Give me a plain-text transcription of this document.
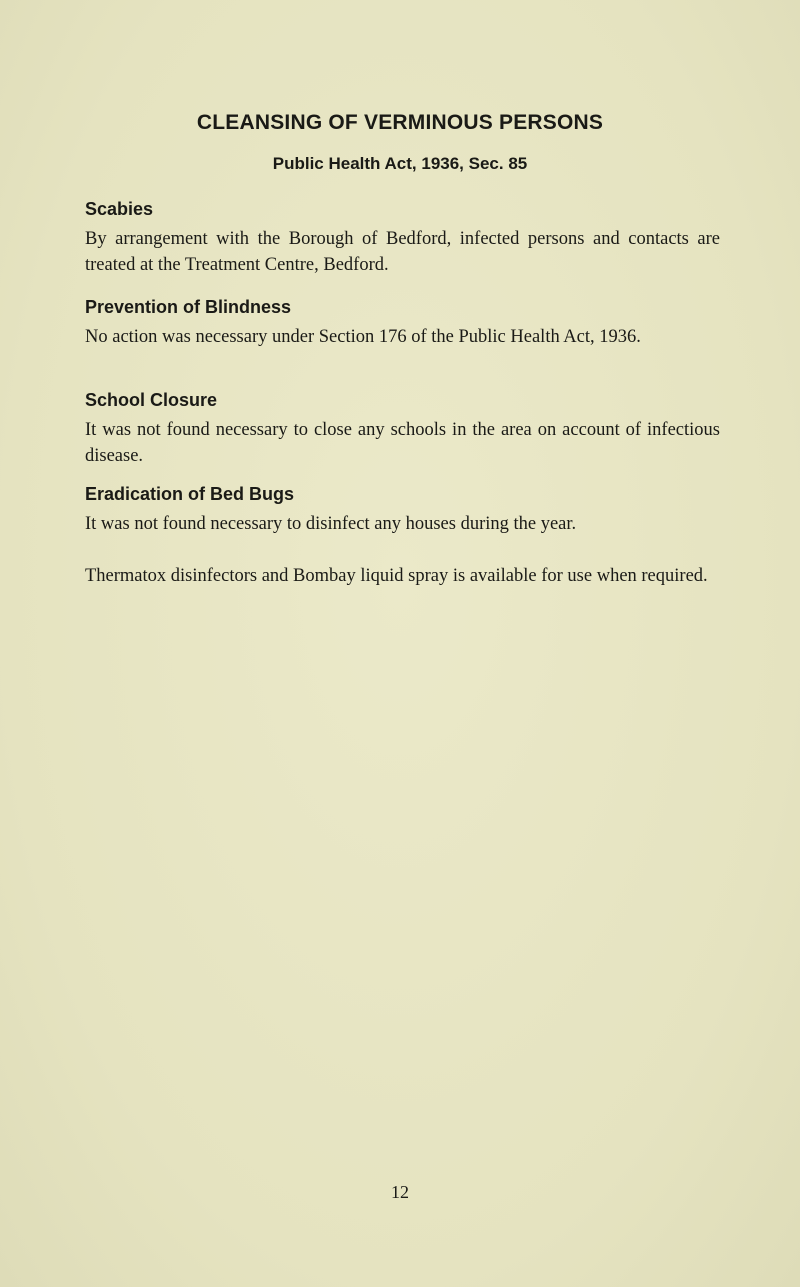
CLEANSING OF VERMINOUS PERSONS
Public Health Act, 1936, Sec. 85
Scabies

By arrangement with the Borough of Bedford, infected persons and contacts are treated at the Treatment Centre, Bedford.

Prevention of Blindness

No action was necessary under Section 176 of the Public Health Act, 1936.

School Closure

It was not found necessary to close any schools in the area on account of infectious disease.

Eradication of Bed Bugs

It was not found necessary to disinfect any houses during the year.

Thermatox disinfectors and Bombay liquid spray is available for use when required.

12
